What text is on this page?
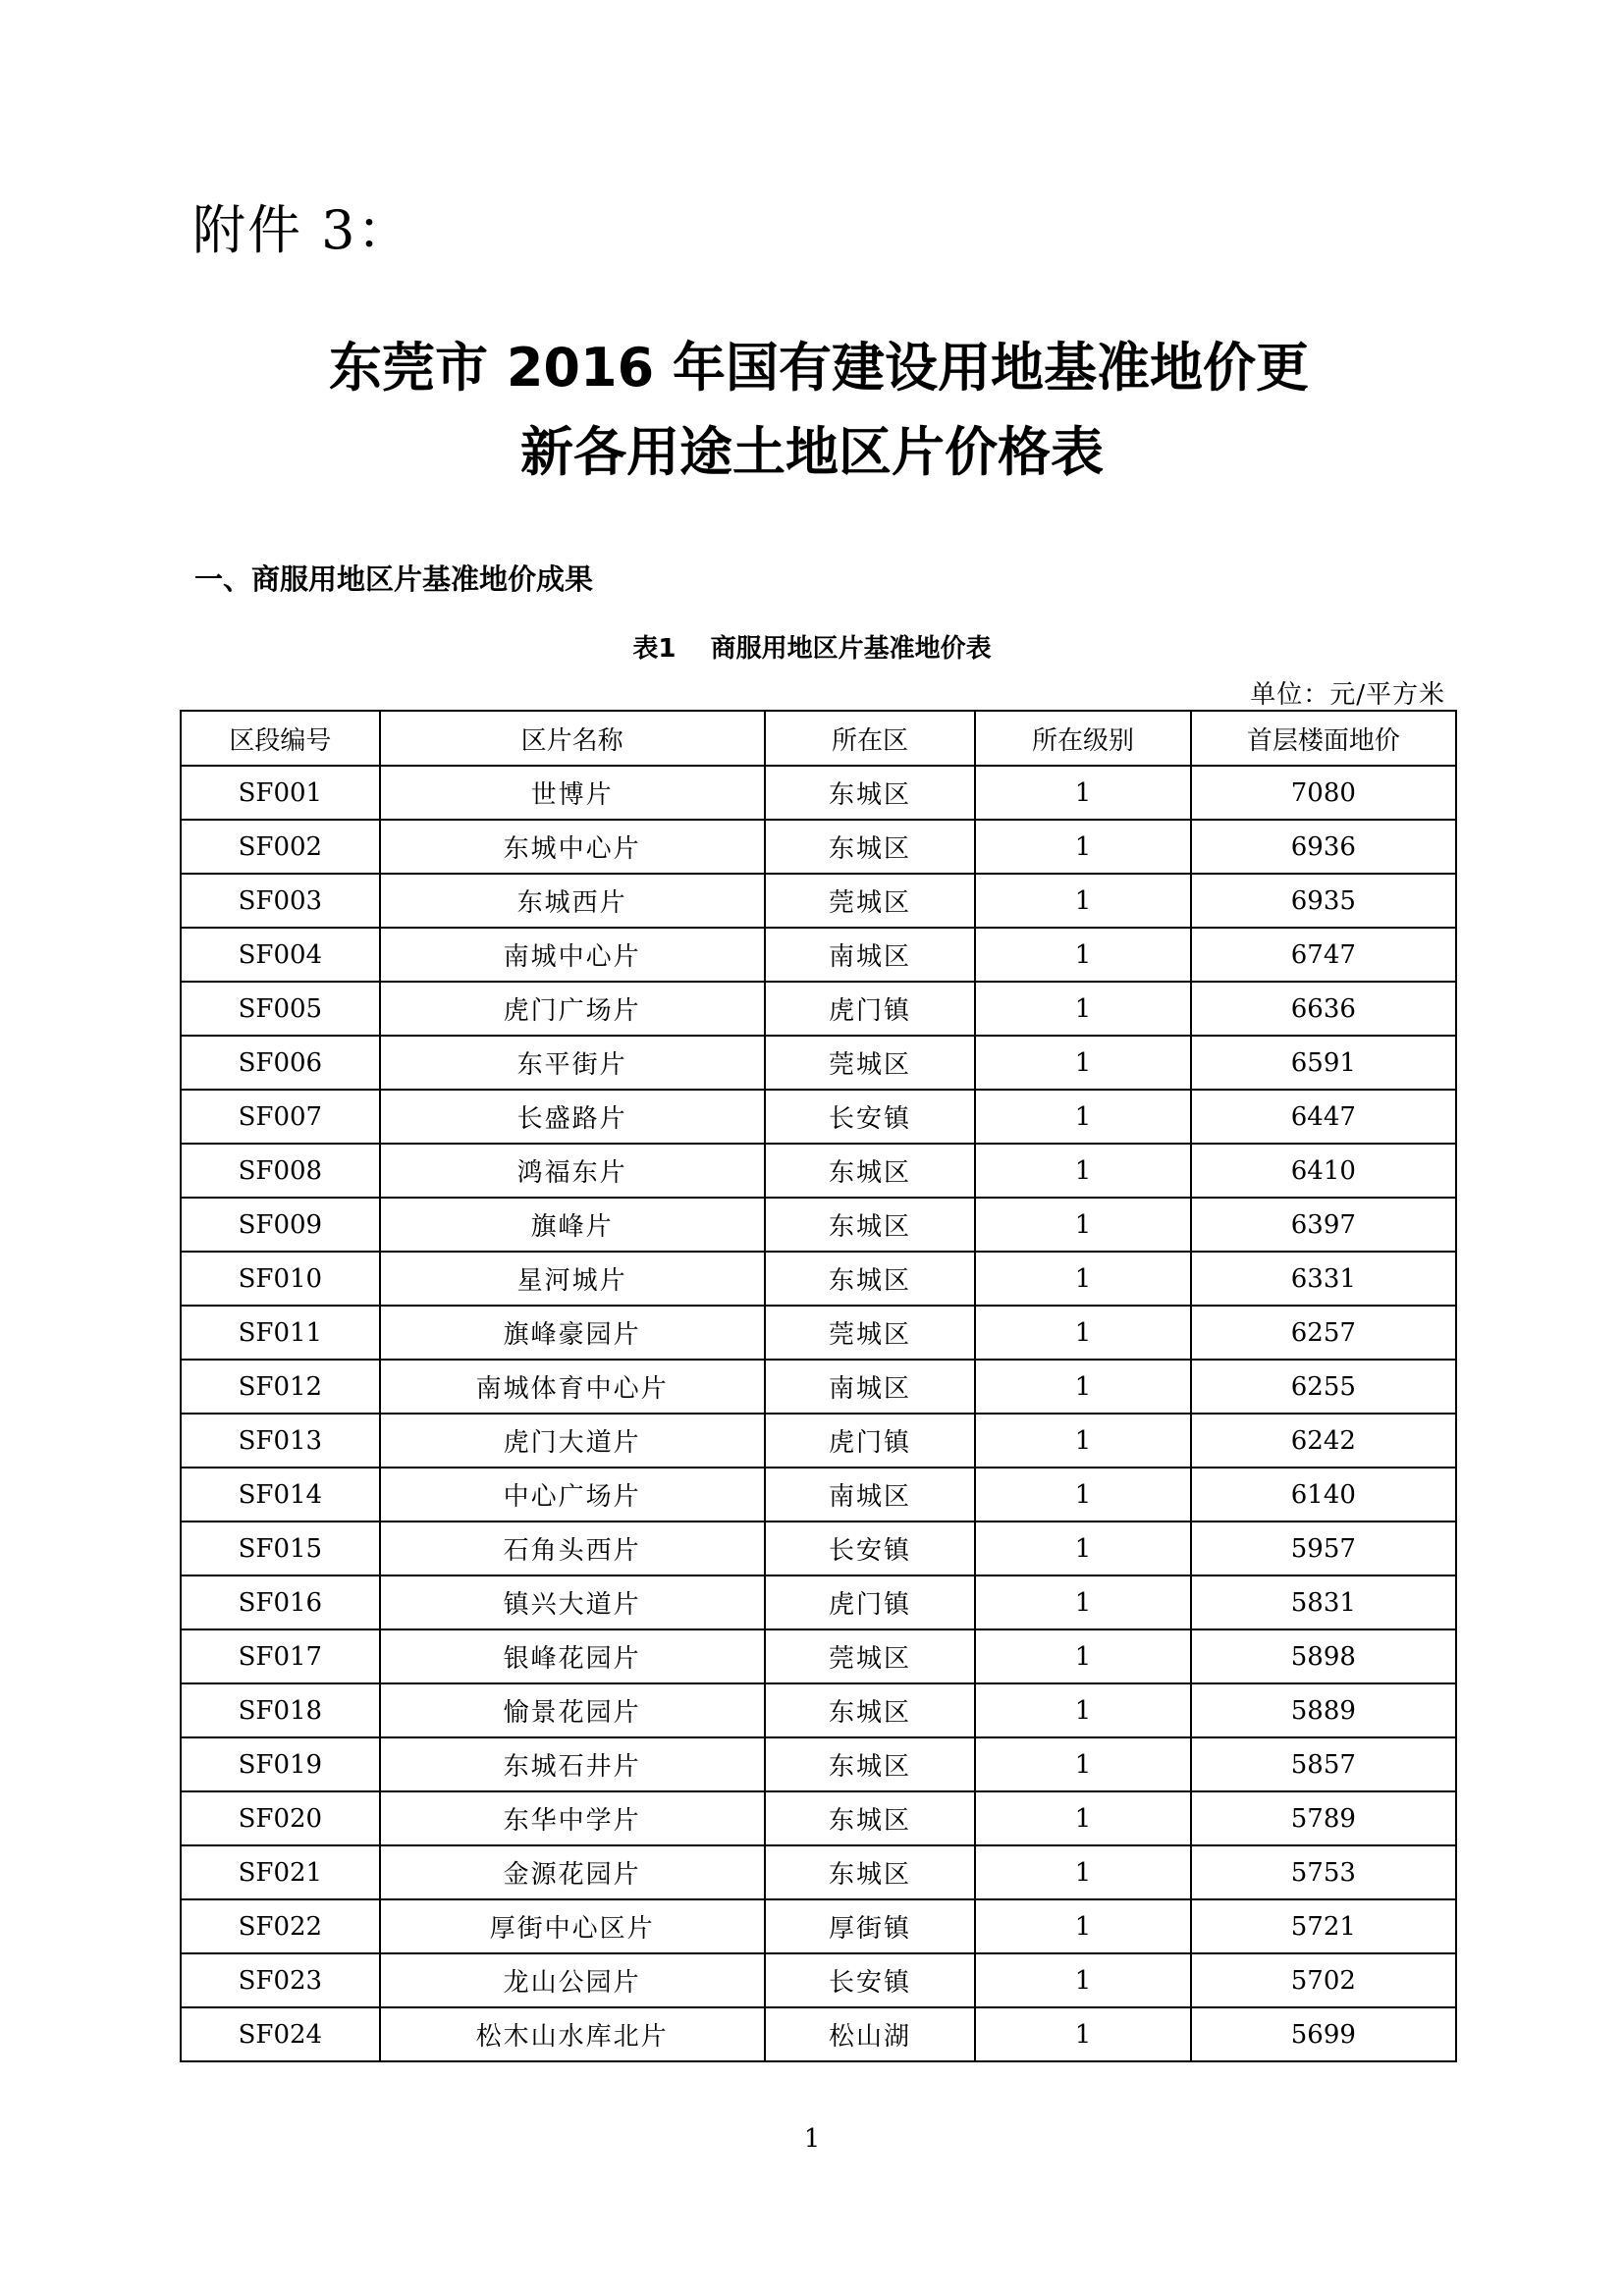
附件 3：
东莞市 2016 年国有建设用地基准地价更
新各用途土地区片价格表
一、商服用地区片基准地价成果
表1　 商服用地区片基准地价表
单位：元/平方米
区段编号	区片名称	所在区	所在级别	首层楼面地价
SF001	世博片	东城区	1	7080
SF002	东城中心片	东城区	1	6936
SF003	东城西片	莞城区	1	6935
SF004	南城中心片	南城区	1	6747
SF005	虎门广场片	虎门镇	1	6636
SF006	东平街片	莞城区	1	6591
SF007	长盛路片	长安镇	1	6447
SF008	鸿福东片	东城区	1	6410
SF009	旗峰片	东城区	1	6397
SF010	星河城片	东城区	1	6331
SF011	旗峰豪园片	莞城区	1	6257
SF012	南城体育中心片	南城区	1	6255
SF013	虎门大道片	虎门镇	1	6242
SF014	中心广场片	南城区	1	6140
SF015	石角头西片	长安镇	1	5957
SF016	镇兴大道片	虎门镇	1	5831
SF017	银峰花园片	莞城区	1	5898
SF018	愉景花园片	东城区	1	5889
SF019	东城石井片	东城区	1	5857
SF020	东华中学片	东城区	1	5789
SF021	金源花园片	东城区	1	5753
SF022	厚街中心区片	厚街镇	1	5721
SF023	龙山公园片	长安镇	1	5702
SF024	松木山水库北片	松山湖	1	5699
1
